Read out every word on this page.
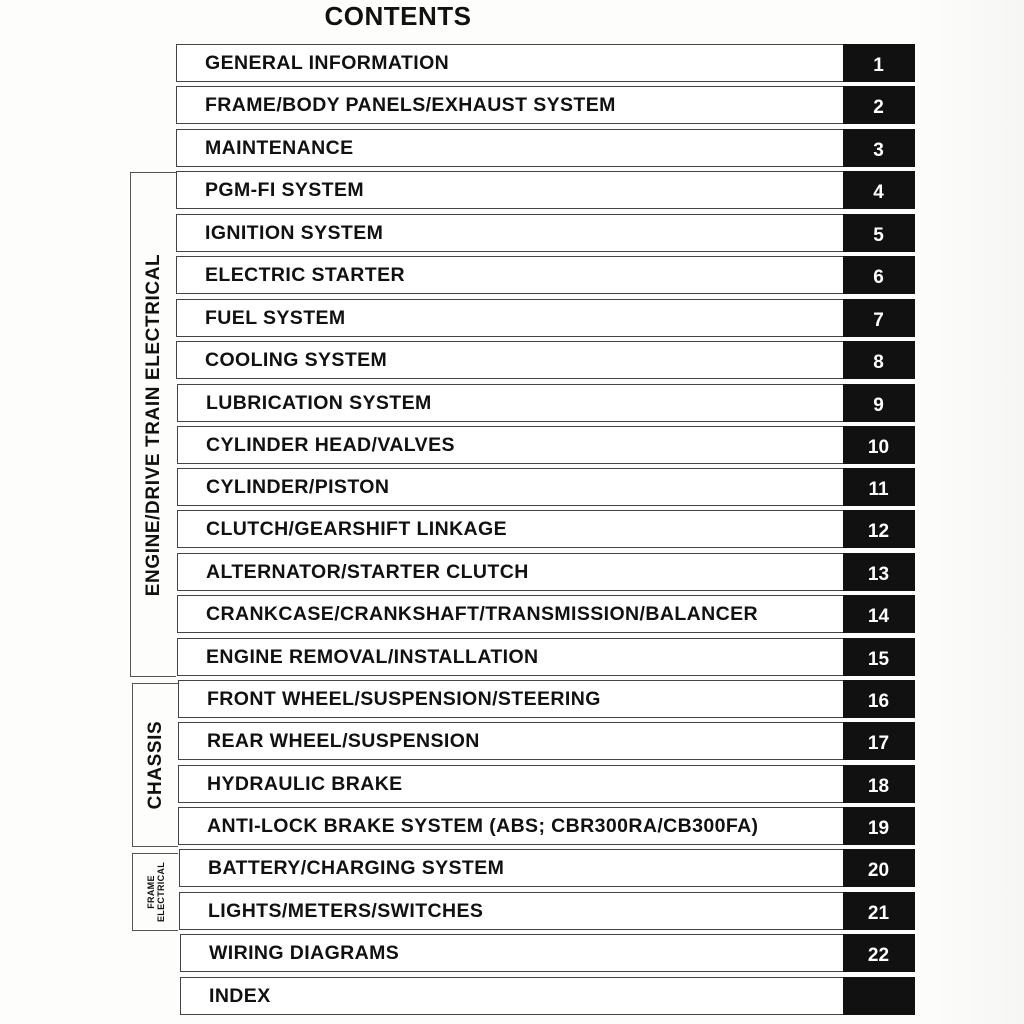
CONTENTS
ENGINE/DRIVE TRAIN ELECTRICAL
CHASSIS
FRAME ELECTRICAL
GENERAL INFORMATION	1
FRAME/BODY PANELS/EXHAUST SYSTEM	2
MAINTENANCE	3
PGM-FI SYSTEM	4
IGNITION SYSTEM	5
ELECTRIC STARTER	6
FUEL SYSTEM	7
COOLING SYSTEM	8
LUBRICATION SYSTEM	9
CYLINDER HEAD/VALVES	10
CYLINDER/PISTON	11
CLUTCH/GEARSHIFT LINKAGE	12
ALTERNATOR/STARTER CLUTCH	13
CRANKCASE/CRANKSHAFT/TRANSMISSION/BALANCER	14
ENGINE REMOVAL/INSTALLATION	15
FRONT WHEEL/SUSPENSION/STEERING	16
REAR WHEEL/SUSPENSION	17
HYDRAULIC BRAKE	18
ANTI-LOCK BRAKE SYSTEM (ABS; CBR300RA/CB300FA)	19
BATTERY/CHARGING SYSTEM	20
LIGHTS/METERS/SWITCHES	21
WIRING DIAGRAMS	22
INDEX
